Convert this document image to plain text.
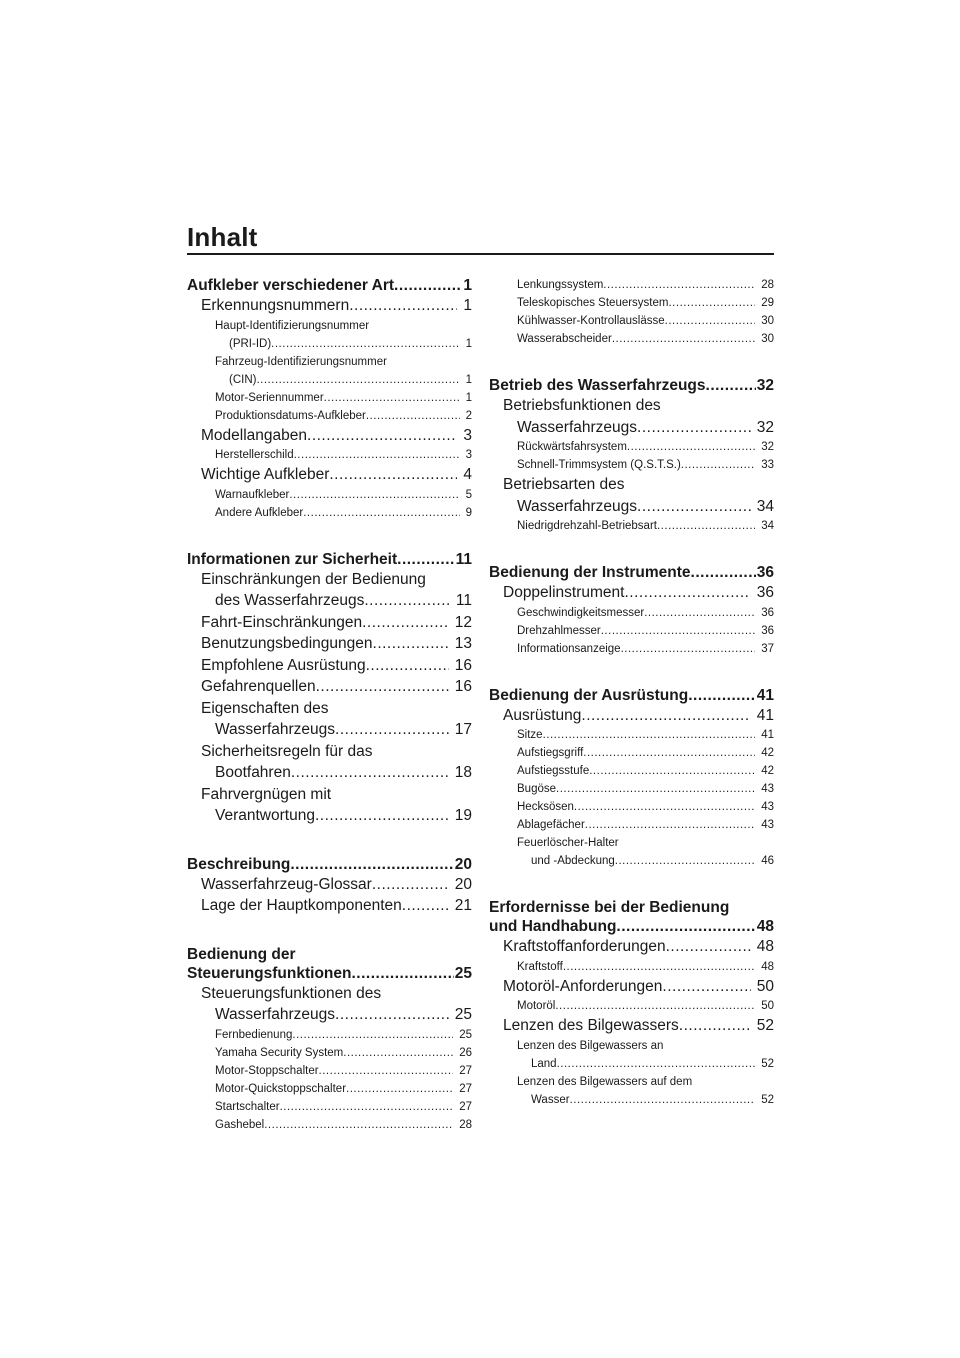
Inhalt
Aufkleber verschiedener Art .....	1
Erkennungsnummern .....	1
Haupt-Identifizierungsnummer
(PRI-ID) .....	1
Fahrzeug-Identifizierungsnummer
(CIN) .....	1
Motor-Seriennummer .....	1
Produktionsdatums-Aufkleber .....	2
Modellangaben .....	3
Herstellerschild .....	3
Wichtige Aufkleber .....	4
Warnaufkleber .....	5
Andere Aufkleber .....	9
Informationen zur Sicherheit .....	11
Einschränkungen der Bedienung
des Wasserfahrzeugs .....	11
Fahrt-Einschränkungen .....	12
Benutzungsbedingungen .....	13
Empfohlene Ausrüstung .....	16
Gefahrenquellen .....	16
Eigenschaften des
Wasserfahrzeugs .....	17
Sicherheitsregeln für das
Bootfahren .....	18
Fahrvergnügen mit
Verantwortung .....	19
Beschreibung .....	20
Wasserfahrzeug-Glossar .....	20
Lage der Hauptkomponenten .....	21
Bedienung der
Steuerungsfunktionen .....	25
Steuerungsfunktionen des
Wasserfahrzeugs .....	25
Fernbedienung .....	25
Yamaha Security System .....	26
Motor-Stoppschalter .....	27
Motor-Quickstoppschalter .....	27
Startschalter .....	27
Gashebel .....	28
Lenkungssystem .....	28
Teleskopisches Steuersystem .....	29
Kühlwasser-Kontrollauslässe .....	30
Wasserabscheider .....	30
Betrieb des Wasserfahrzeugs .....	32
Betriebsfunktionen des
Wasserfahrzeugs .....	32
Rückwärtsfahrsystem .....	32
Schnell-Trimmsystem (Q.S.T.S.) .....	33
Betriebsarten des
Wasserfahrzeugs .....	34
Niedrigdrehzahl-Betriebsart .....	34
Bedienung der Instrumente .....	36
Doppelinstrument .....	36
Geschwindigkeitsmesser .....	36
Drehzahlmesser .....	36
Informationsanzeige .....	37
Bedienung der Ausrüstung .....	41
Ausrüstung .....	41
Sitze .....	41
Aufstiegsgriff .....	42
Aufstiegsstufe .....	42
Bugöse .....	43
Hecksösen .....	43
Ablagefächer .....	43
Feuerlöscher-Halter
und -Abdeckung .....	46
Erfordernisse bei der Bedienung
und Handhabung .....	48
Kraftstoffanforderungen .....	48
Kraftstoff .....	48
Motoröl-Anforderungen .....	50
Motoröl .....	50
Lenzen des Bilgewassers .....	52
Lenzen des Bilgewassers an
Land .....	52
Lenzen des Bilgewassers auf dem
Wasser .....	52
